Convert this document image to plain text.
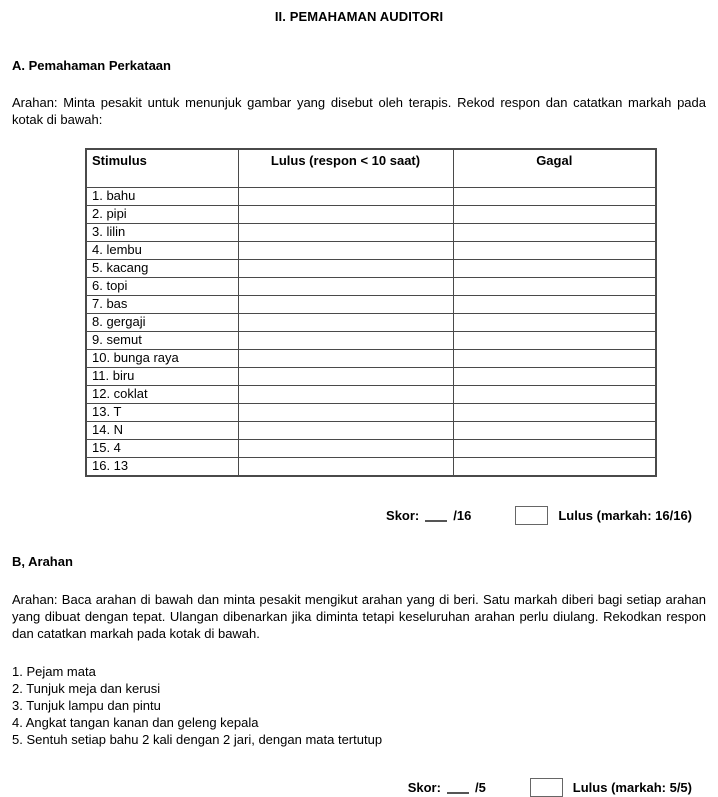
II. PEMAHAMAN AUDITORI
A. Pemahaman Perkataan

Arahan: Minta pesakit untuk menunjuk gambar yang disebut oleh terapis. Rekod respon dan catatkan markah pada kotak di bawah:

Stimulus	Lulus (respon < 10 saat)	Gagal
1. bahu		
2. pipi		
3. lilin		
4. lembu		
5. kacang		
6. topi		
7. bas		
8. gergaji		
9. semut		
10. bunga raya		
11. biru		
12. coklat		
13. T		
14. N		
15. 4		
16. 13		
Skor:	/16	Lulus (markah: 16/16)
B, Arahan

Arahan: Baca arahan di bawah dan minta pesakit mengikut arahan yang di beri. Satu markah diberi bagi setiap arahan yang dibuat dengan tepat. Ulangan dibenarkan jika diminta tetapi keseluruhan arahan perlu diulang. Rekodkan respon dan catatkan markah pada kotak di bawah.

1. Pejam mata
2. Tunjuk meja dan kerusi
3. Tunjuk lampu dan pintu
4. Angkat tangan kanan dan geleng kepala
5. Sentuh setiap bahu 2 kali dengan 2 jari, dengan mata tertutup
Skor:	/5	Lulus (markah: 5/5)
